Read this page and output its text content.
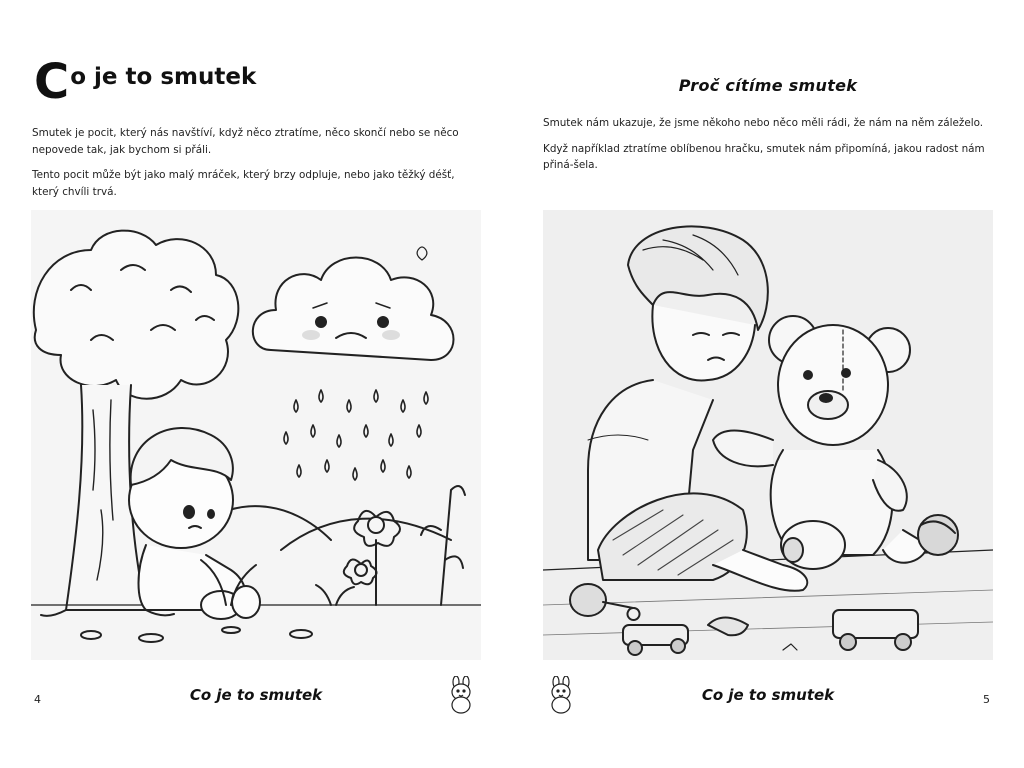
Co je to smutek

Smutek je pocit, který nás navštíví, když něco ztratíme, něco skončí nebo se něco nepovede tak, jak bychom si přáli.

Tento pocit může být jako malý mráček, který brzy odpluje, nebo jako těžký déšť, který chvíli trvá.

4	Co je to smutek
Proč cítíme smutek

Smutek nám ukazuje, že jsme někoho nebo něco měli rádi, že nám na něm záleželo.

Když například ztratíme oblíbenou hračku, smutek nám připomíná, jakou radost nám přiná-šela.

Co je to smutek	5
